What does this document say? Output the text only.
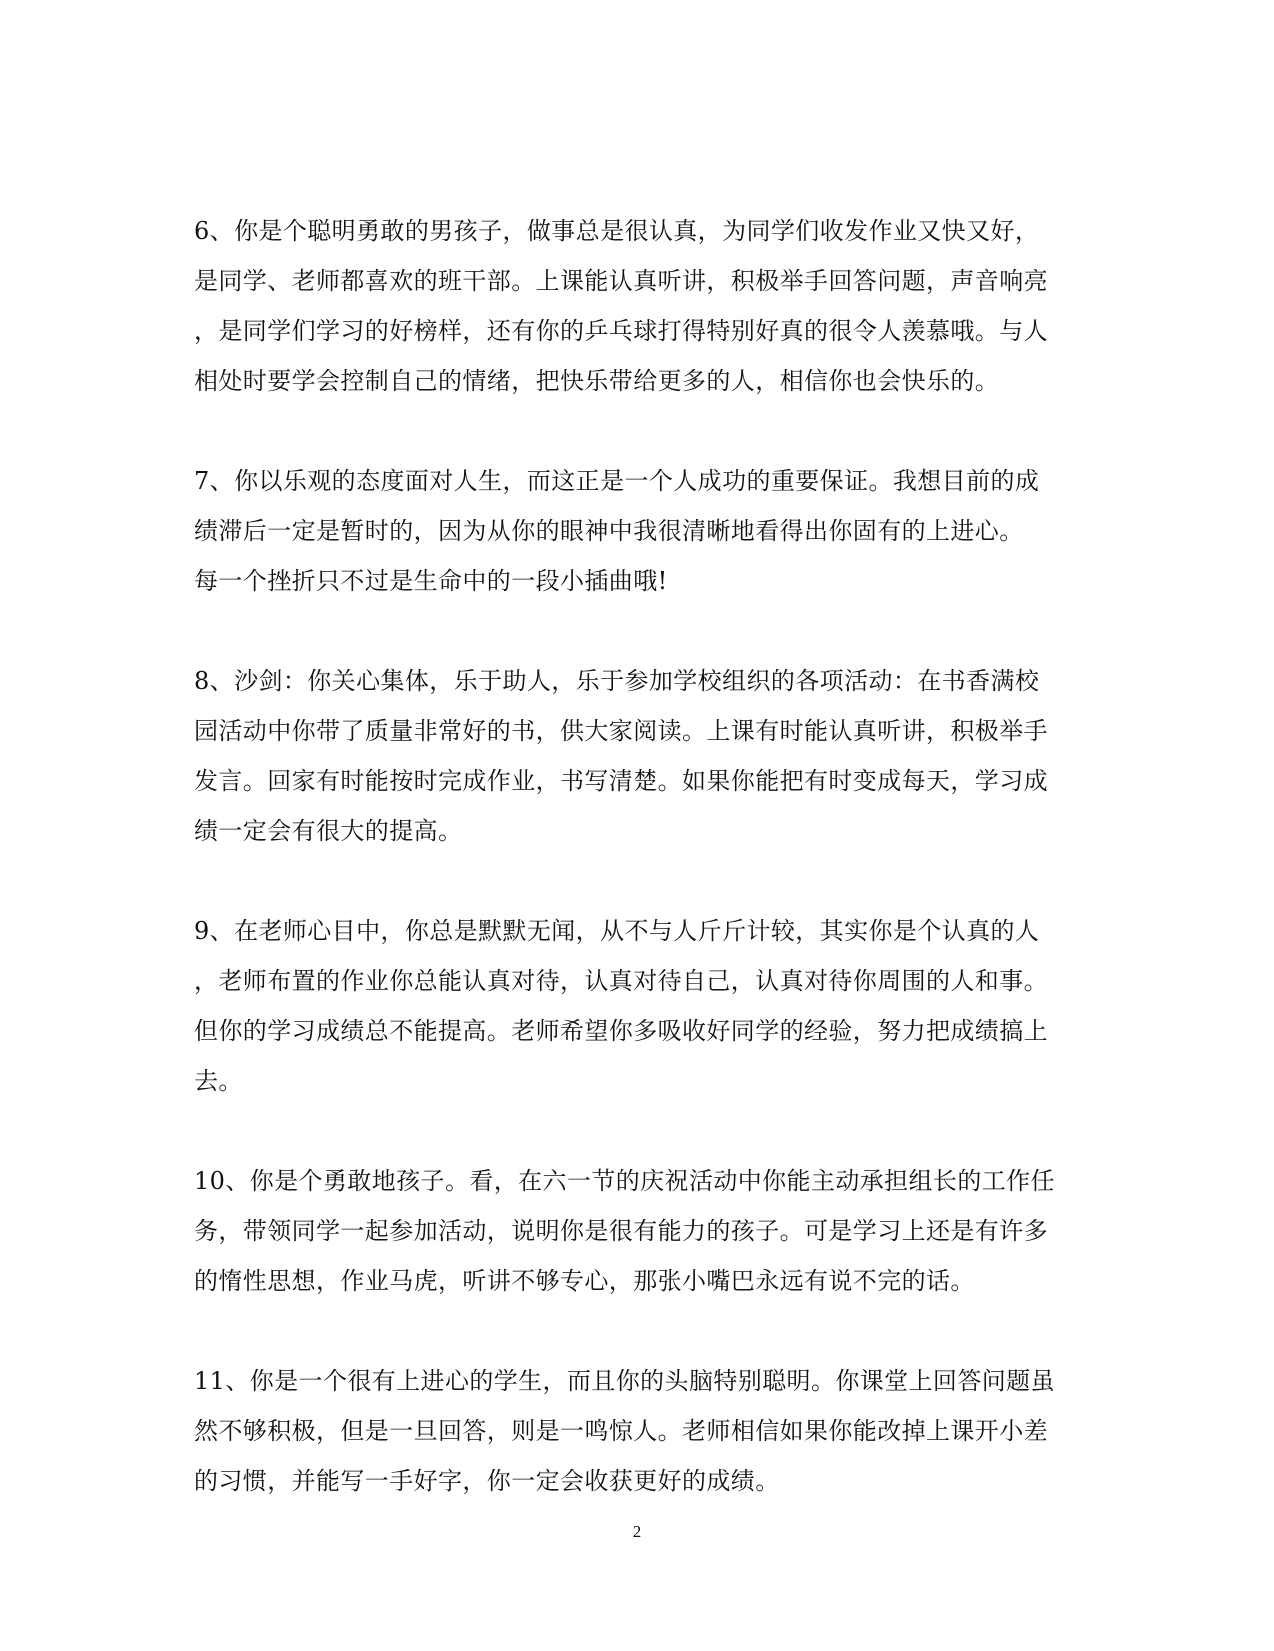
6、你是个聪明勇敢的男孩子，做事总是很认真，为同学们收发作业又快又好，
是同学、老师都喜欢的班干部。上课能认真听讲，积极举手回答问题，声音响亮
，是同学们学习的好榜样，还有你的乒乓球打得特别好真的很令人羡慕哦。与人
相处时要学会控制自己的情绪，把快乐带给更多的人，相信你也会快乐的。
7、你以乐观的态度面对人生，而这正是一个人成功的重要保证。我想目前的成
绩滞后一定是暂时的，因为从你的眼神中我很清晰地看得出你固有的上进心。
每一个挫折只不过是生命中的一段小插曲哦!
8、沙剑：你关心集体，乐于助人，乐于参加学校组织的各项活动：在书香满校
园活动中你带了质量非常好的书，供大家阅读。上课有时能认真听讲，积极举手
发言。回家有时能按时完成作业，书写清楚。如果你能把有时变成每天，学习成
绩一定会有很大的提高。
9、在老师心目中，你总是默默无闻，从不与人斤斤计较，其实你是个认真的人
，老师布置的作业你总能认真对待，认真对待自己，认真对待你周围的人和事。
但你的学习成绩总不能提高。老师希望你多吸收好同学的经验，努力把成绩搞上
去。
10、你是个勇敢地孩子。看，在六一节的庆祝活动中你能主动承担组长的工作任
务，带领同学一起参加活动，说明你是很有能力的孩子。可是学习上还是有许多
的惰性思想，作业马虎，听讲不够专心，那张小嘴巴永远有说不完的话。
11、你是一个很有上进心的学生，而且你的头脑特别聪明。你课堂上回答问题虽
然不够积极，但是一旦回答，则是一鸣惊人。老师相信如果你能改掉上课开小差
的习惯，并能写一手好字，你一定会收获更好的成绩。
2
